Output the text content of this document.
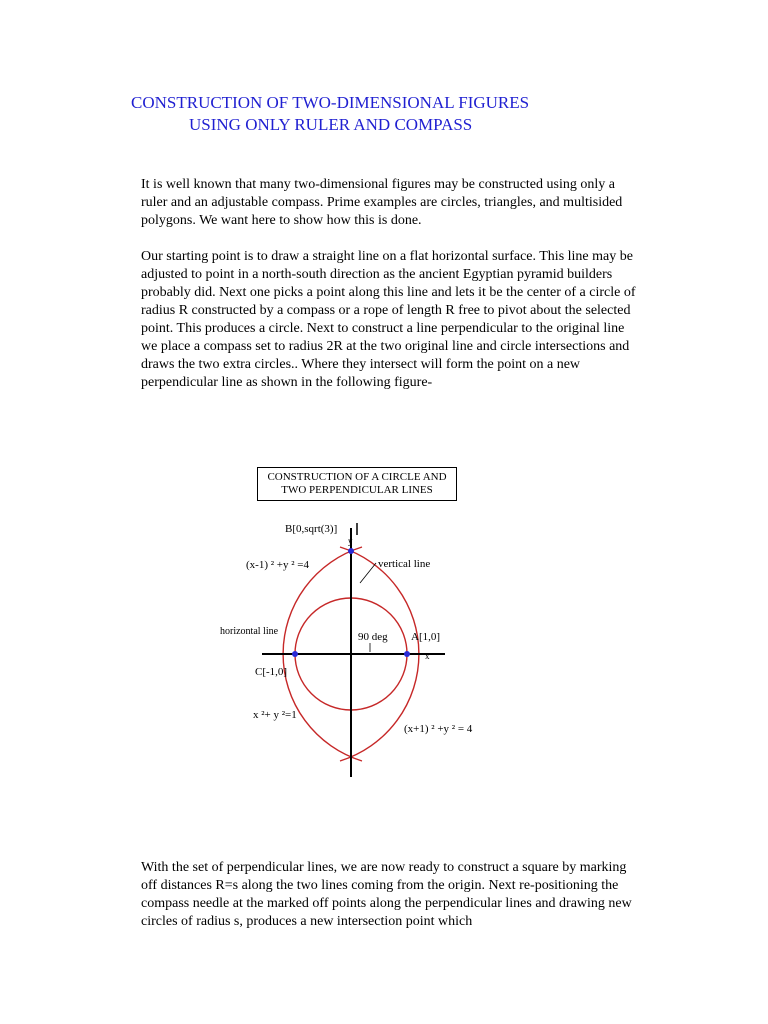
CONSTRUCTION OF TWO-DIMENSIONAL FIGURES
USING ONLY RULER AND COMPASS

It is well known that many two-dimensional figures may be constructed using only a ruler and an adjustable compass. Prime examples are circles, triangles, and multisided polygons. We want here to show how this is done.

Our starting point is to draw a straight line on a flat horizontal surface. This line may be adjusted to point in a north-south direction as the ancient Egyptian pyramid builders probably did. Next one picks a point along this line and lets it be the center of a circle of radius R constructed by a compass or a rope of length R free to pivot about the selected point. This produces a circle. Next to construct a line perpendicular to the original line we place a compass set to radius 2R at the two original line and circle intersections and draws the two extra circles.. Where they intersect will form the point on a new perpendicular line as shown in the following figure-

CONSTRUCTION OF A CIRCLE AND
TWO PERPENDICULAR LINES
B[0,sqrt(3)]
y
(x-1) ² +y ² =4	vertical line
horizontal line	90 deg A[1,0]
x
C[-1,0]
x ²+ y ²=1
(x+1) ² +y ² = 4

With the set of perpendicular lines, we are now ready to construct a square by marking off distances R=s along the two lines coming from the origin. Next re-positioning the compass needle at the marked off points along the perpendicular lines and drawing new circles of radius s, produces a new intersection point which
